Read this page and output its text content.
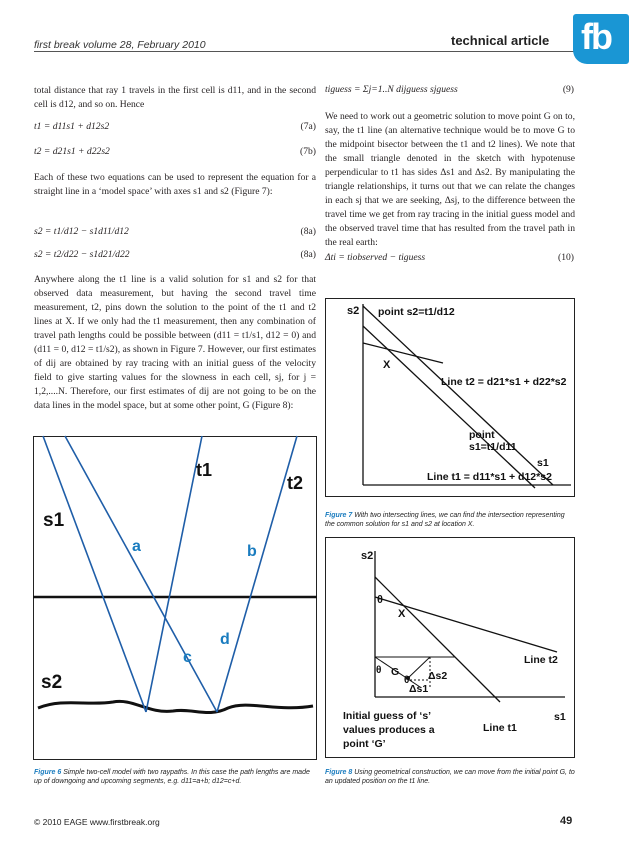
first break volume 28, February 2010	technical article fb
total distance that ray 1 travels in the first cell is d11, and in the second cell is d12, and so on. Hence
t1 = d11s1 + d12s2	(7a)
t2 = d21s1 + d22s2	(7b)
Each of these two equations can be used to represent the equation for a straight line in a ‘model space’ with axes s1 and s2 (Figure 7):
s2 = t1/d12 − s1d11/d12	(8a)
s2 = t2/d22 − s1d21/d22	(8a)
Anywhere along the t1 line is a valid solution for s1 and s2 for that observed data measurement, but having the second travel time measurement, t2, pins down the solution to the point of the t1 and t2 lines at X. If we only had the t1 measurement, then any combination of travel path lengths could be possible between (d11 = t1/s1, d12 = 0) and (d11 = 0, d12 = t1/s2), as shown in Figure 7. However, our first estimates of dij are obtained by ray tracing with an initial guess of the velocity field to give starting values for the slowness in each cell, sj, for j = 1,2,....N. Therefore, our first estimates of dij are not going to be on the data lines in the model space, but at some other point, G (Figure 8):
tiguess = Σj=1..N dijguess sjguess	(9)
We need to work out a geometric solution to move point G on to, say, the t1 line (an alternative technique would be to move G to the midpoint bisector between the t1 and t2 lines). We note that the small triangle denoted in the sketch with hypotenuse perpendicular to t1 has sides Δs1 and Δs2. By manipulating the triangle relationships, it turns out that we can relate the changes in each sj that we are seeking, Δsj, to the difference between the travel time we get from ray tracing in the initial guess model and the observed travel time that has resulted from the travel path in the real earth:
Δti = tiobserved − tiguess	(10)
t1
t2
s1
s2
a	b
c
d
Figure 6 Simple two-cell model with two raypaths. In this case the path lengths are made up of downgoing and upcoming segments, e.g. d11=a+b; d12=c+d.
s2 point s2=t1/d12
X
Line t2 = d21*s1 + d22*s2
point
s1=t1/d11
s1
Line t1 = d11*s1 + d12*s2
Figure 7 With two intersecting lines, we can find the intersection representing the common solution for s1 and s2 at location X.
s2
θ
X
Line t2
θ G
θ Δs2
Δs1
s1
Initial guess of ‘s’
values produces a
point ‘G’
Line t1
Figure 8 Using geometrical construction, we can move from the initial point G, to an updated position on the t1 line.
© 2010 EAGE www.firstbreak.org	49
